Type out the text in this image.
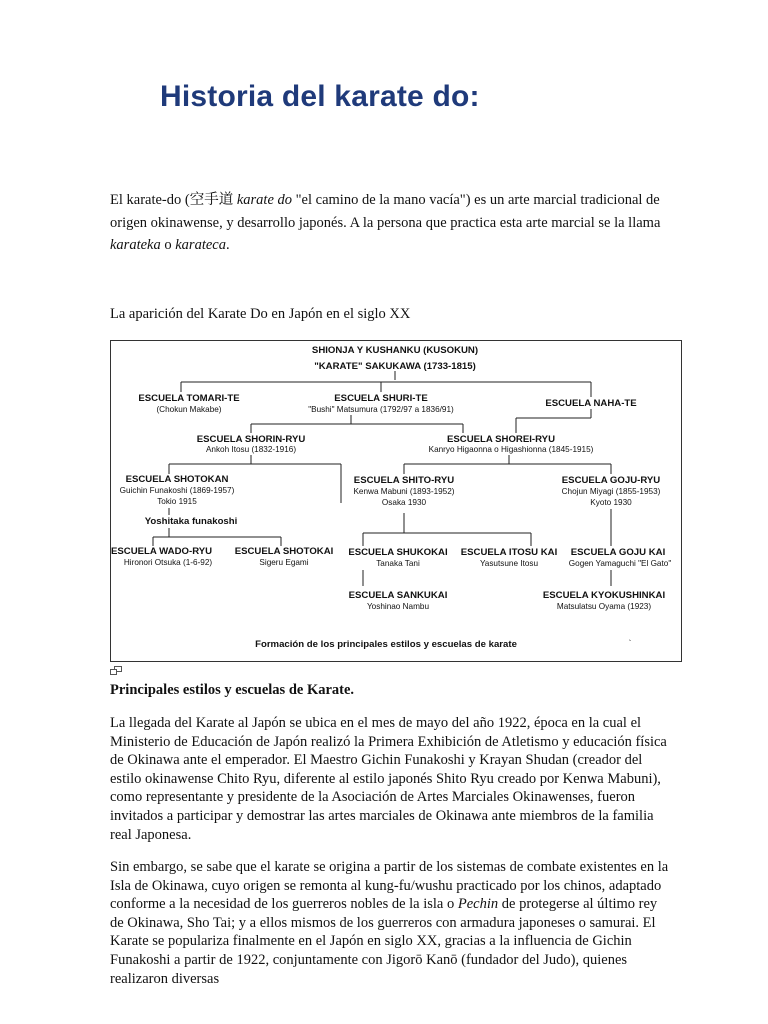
Historia del karate do:
El karate-do (空手道 karate do "el camino de la mano vacía") es un arte marcial tradicional de origen okinawense, y desarrollo japonés. A la persona que practica esta arte marcial se la llama karateka o karateca.
La aparición del Karate Do en Japón en el siglo XX
SHIONJA Y KUSHANKU (KUSOKUN)
"KARATE" SAKUKAWA (1733-1815)
ESCUELA TOMARI-TE
(Chokun Makabe)
ESCUELA SHURI-TE
"Bushi" Matsumura (1792/97 a 1836/91)
ESCUELA NAHA-TE
ESCUELA SHORIN-RYU
Ankoh Itosu (1832-1916)
ESCUELA SHOREI-RYU
Kanryo Higaonna o Higashionna (1845-1915)
ESCUELA SHOTOKAN
Guichin Funakoshi (1869-1957)
Tokio 1915
ESCUELA SHITO-RYU
Kenwa Mabuni (1893-1952)
Osaka 1930
ESCUELA GOJU-RYU
Chojun Miyagi (1855-1953)
Kyoto 1930
Yoshitaka funakoshi
ESCUELA WADO-RYU
Hironori Otsuka (1-6-92)
ESCUELA SHOTOKAI
Sigeru Egami
ESCUELA SHUKOKAI
Tanaka Tani
ESCUELA ITOSU KAI
Yasutsune Itosu
ESCUELA GOJU KAI
Gogen Yamaguchi "El Gato"
ESCUELA SANKUKAI
Yoshinao Nambu
ESCUELA KYOKUSHINKAI
Matsulatsu Oyama (1923)
Formación de los principales estilos y escuelas de karate	`
Principales estilos y escuelas de Karate.
La llegada del Karate al Japón se ubica en el mes de mayo del año 1922, época en la cual el Ministerio de Educación de Japón realizó la Primera Exhibición de Atletismo y educación física de Okinawa ante el emperador. El Maestro Gichin Funakoshi y Krayan Shudan (creador del estilo okinawense Chito Ryu, diferente al estilo japonés Shito Ryu creado por Kenwa Mabuni), como representante y presidente de la Asociación de Artes Marciales Okinawenses, fueron invitados a participar y demostrar las artes marciales de Okinawa ante miembros de la familia real Japonesa.
Sin embargo, se sabe que el karate se origina a partir de los sistemas de combate existentes en la Isla de Okinawa, cuyo origen se remonta al kung-fu/wushu practicado por los chinos, adaptado conforme a la necesidad de los guerreros nobles de la isla o Pechin de protegerse al último rey de Okinawa, Sho Tai; y a ellos mismos de los guerreros con armadura japoneses o samurai. El Karate se populariza finalmente en el Japón en siglo XX, gracias a la influencia de Gichin Funakoshi a partir de 1922, conjuntamente con Jigorō Kanō (fundador del Judo), quienes realizaron diversas
